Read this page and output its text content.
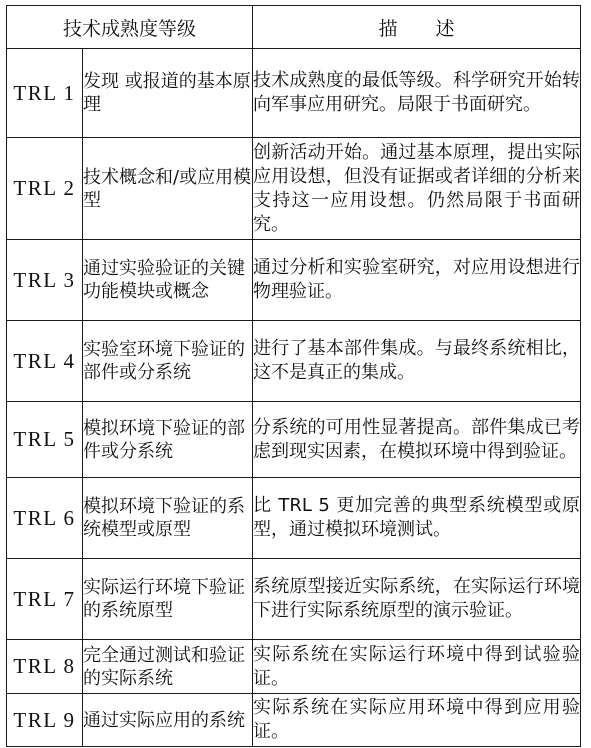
技术成熟度等级		描　　述

TRL 1	发现 或报道的基本原理	技术成熟度的最低等级。科学研究开始转向军事应用研究。局限于书面研究。
TRL 2	技术概念和/或应用模型	创新活动开始。通过基本原理，提出实际应用设想，但没有证据或者详细的分析来支持这一应用设想。仍然局限于书面研究。
TRL 3	通过实验验证的关键功能模块或概念	通过分析和实验室研究，对应用设想进行物理验证。
TRL 4	实验室环境下验证的部件或分系统	进行了基本部件集成。与最终系统相比，这不是真正的集成。
TRL 5	模拟环境下验证的部件或分系统	分系统的可用性显著提高。部件集成已考虑到现实因素，在模拟环境中得到验证。
TRL 6	模拟环境下验证的系统模型或原型	比 TRL 5 更加完善的典型系统模型或原型，通过模拟环境测试。
TRL 7	实际运行环境下验证的系统原型	系统原型接近实际系统，在实际运行环境下进行实际系统原型的演示验证。
TRL 8	完全通过测试和验证的实际系统	实际系统在实际运行环境中得到试验验证。
TRL 9	通过实际应用的系统	实际系统在实际应用环境中得到应用验证。
